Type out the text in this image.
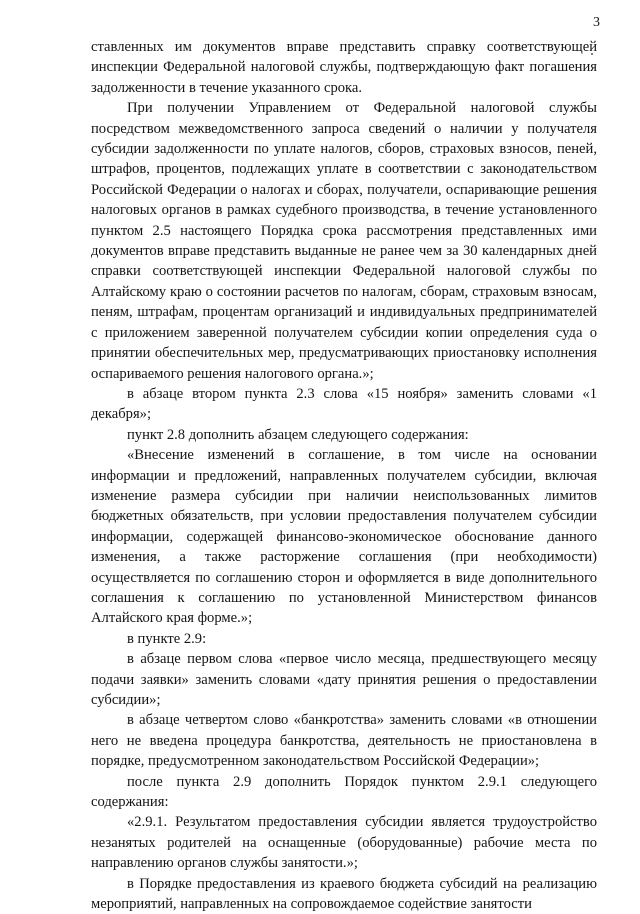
3

ставленных им документов вправе представить справку соответствующей инспекции Федеральной налоговой службы, подтверждающую факт погашения задолженности в течение указанного срока.

При получении Управлением от Федеральной налоговой службы посредством межведомственного запроса сведений о наличии у получателя субсидии задолженности по уплате налогов, сборов, страховых взносов, пеней, штрафов, процентов, подлежащих уплате в соответствии с законодательством Российской Федерации о налогах и сборах, получатели, оспаривающие решения налоговых органов в рамках судебного производства, в течение установленного пунктом 2.5 настоящего Порядка срока рассмотрения представленных ими документов вправе представить выданные не ранее чем за 30 календарных дней справки соответствующей инспекции Федеральной налоговой службы по Алтайскому краю о состоянии расчетов по налогам, сборам, страховым взносам, пеням, штрафам, процентам организаций и индивидуальных предпринимателей с приложением заверенной получателем субсидии копии определения суда о принятии обеспечительных мер, предусматривающих приостановку исполнения оспариваемого решения налогового органа.»;

в абзаце втором пункта 2.3 слова «15 ноября» заменить словами «1 декабря»;

пункт 2.8 дополнить абзацем следующего содержания:

«Внесение изменений в соглашение, в том числе на основании информации и предложений, направленных получателем субсидии, включая изменение размера субсидии при наличии неиспользованных лимитов бюджетных обязательств, при условии предоставления получателем субсидии информации, содержащей финансово-экономическое обоснование данного изменения, а также расторжение соглашения (при необходимости) осуществляется по соглашению сторон и оформляется в виде дополнительного соглашения к соглашению по установленной Министерством финансов Алтайского края форме.»;

в пункте 2.9:

в абзаце первом слова «первое число месяца, предшествующего месяцу подачи заявки» заменить словами «дату принятия решения о предоставлении субсидии»;

в абзаце четвертом слово «банкротства» заменить словами «в отношении него не введена процедура банкротства, деятельность не приостановлена в порядке, предусмотренном законодательством Российской Федерации»;

после пункта 2.9 дополнить Порядок пунктом 2.9.1 следующего содержания:

«2.9.1. Результатом предоставления субсидии является трудоустройство незанятых родителей на оснащенные (оборудованные) рабочие места по направлению органов службы занятости.»;

в Порядке предоставления из краевого бюджета субсидий на реализацию мероприятий, направленных на сопровождаемое содействие занятости
